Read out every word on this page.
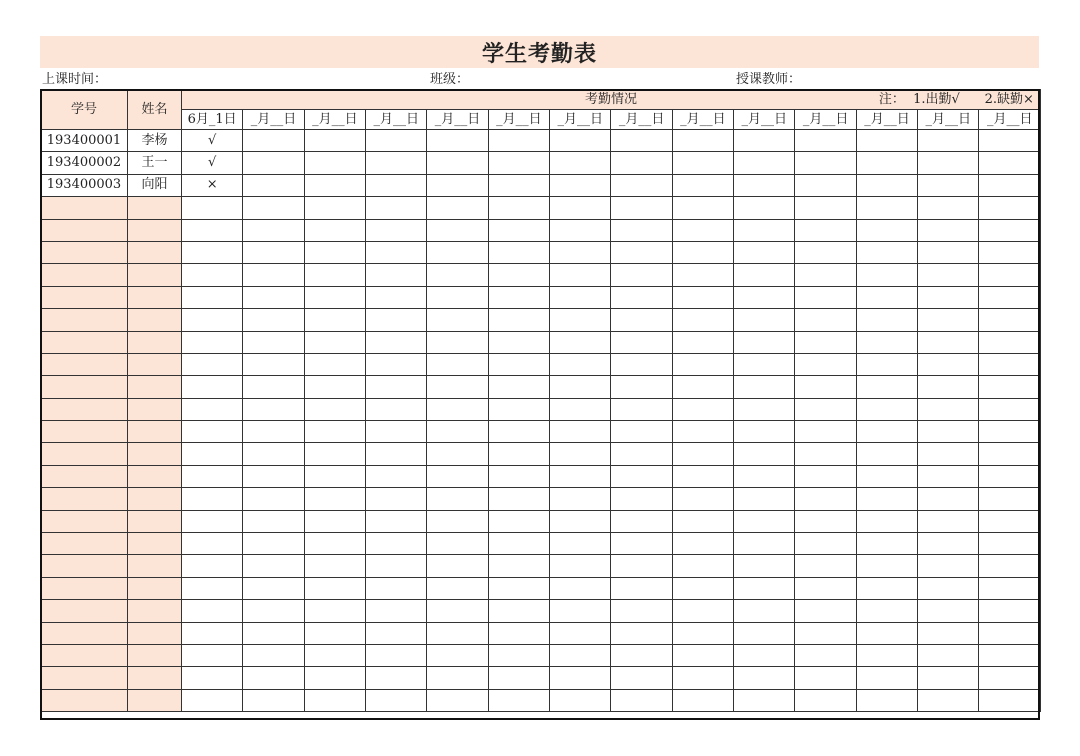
学生考勤表
上课时间：	班级：	授课教师：
学号	姓名	考勤情况 注： 1.出勤√ 2.缺勤×													

		6月_1日	_月__日	_月__日	_月__日	_月__日	_月__日	_月__日	_月__日	_月__日	_月__日	_月__日	_月__日	_月__日	_月__日
193400001	李杨	√													
193400002	王一	√													
193400003	向阳	×													
